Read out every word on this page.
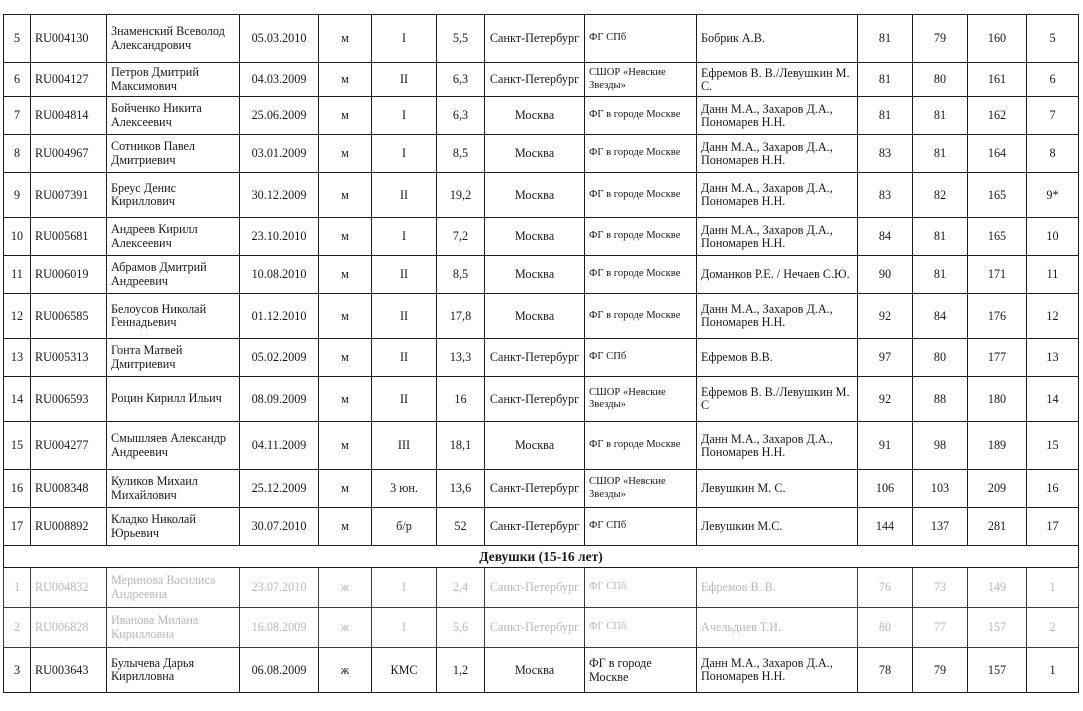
5	RU004130	Знаменский Всеволод Александрович	05.03.2010	м	I	5,5	Санкт-Петербург	ФГ СПб	Бобрик А.В.	81	79	160	5
6	RU004127	Петров Дмитрий Максимович	04.03.2009	м	II	6,3	Санкт-Петербург	СШОР «Невские Звезды»	Ефремов В. В./Левушкин М. С.	81	80	161	6
7	RU004814	Бойченко Никита Алексеевич	25.06.2009	м	I	6,3	Москва	ФГ в городе Москве	Данн М.А., Захаров Д.А., Пономарев Н.Н.	81	81	162	7
8	RU004967	Сотников Павел Дмитриевич	03.01.2009	м	I	8,5	Москва	ФГ в городе Москве	Данн М.А., Захаров Д.А., Пономарев Н.Н.	83	81	164	8
9	RU007391	Бреус Денис Кириллович	30.12.2009	м	II	19,2	Москва	ФГ в городе Москве	Данн М.А., Захаров Д.А., Пономарев Н.Н.	83	82	165	9*
10	RU005681	Андреев Кирилл Алексеевич	23.10.2010	м	I	7,2	Москва	ФГ в городе Москве	Данн М.А., Захаров Д.А., Пономарев Н.Н.	84	81	165	10
11	RU006019	Абрамов Дмитрий Андреевич	10.08.2010	м	II	8,5	Москва	ФГ в городе Москве	Доманков Р.Е. / Нечаев С.Ю.	90	81	171	11
12	RU006585	Белоусов Николай Геннадьевич	01.12.2010	м	II	17,8	Москва	ФГ в городе Москве	Данн М.А., Захаров Д.А., Пономарев Н.Н.	92	84	176	12
13	RU005313	Гонта Матвей Дмитриевич	05.02.2009	м	II	13,3	Санкт-Петербург	ФГ СПб	Ефремов В.В.	97	80	177	13
14	RU006593	Роцин Кирилл Ильич	08.09.2009	м	II	16	Санкт-Петербург	СШОР «Невские Звезды»	Ефремов В. В./Левушкин М. С	92	88	180	14
15	RU004277	Смышляев Александр Андреевич	04.11.2009	м	III	18,1	Москва	ФГ в городе Москве	Данн М.А., Захаров Д.А., Пономарев Н.Н.	91	98	189	15
16	RU008348	Куликов Михаил Михайлович	25.12.2009	м	3 юн.	13,6	Санкт-Петербург	СШОР «Невские Звезды»	Левушкин М. С.	106	103	209	16
17	RU008892	Кладко Николай Юрьевич	30.07.2010	м	б/р	52	Санкт-Петербург	ФГ СПб	Левушкин М.С.	144	137	281	17
Девушки (15-16 лет)													
1	RU004832	Меринова Василиса Андреевна	23.07.2010	ж	I	2,4	Санкт-Петербург	ФГ СПб	Ефремов В. В.	76	73	149	1
2	RU006828	Иванова Милана Кирилловна	16.08.2009	ж	I	5,6	Санкт-Петербург	ФГ СПб	Ачельдиев Т.И.	80	77	157	2
3	RU003643	Булычева Дарья Кирилловна	06.08.2009	ж	КМС	1,2	Москва	ФГ в городе Москве	Данн М.А., Захаров Д.А., Пономарев Н.Н.	78	79	157	1
